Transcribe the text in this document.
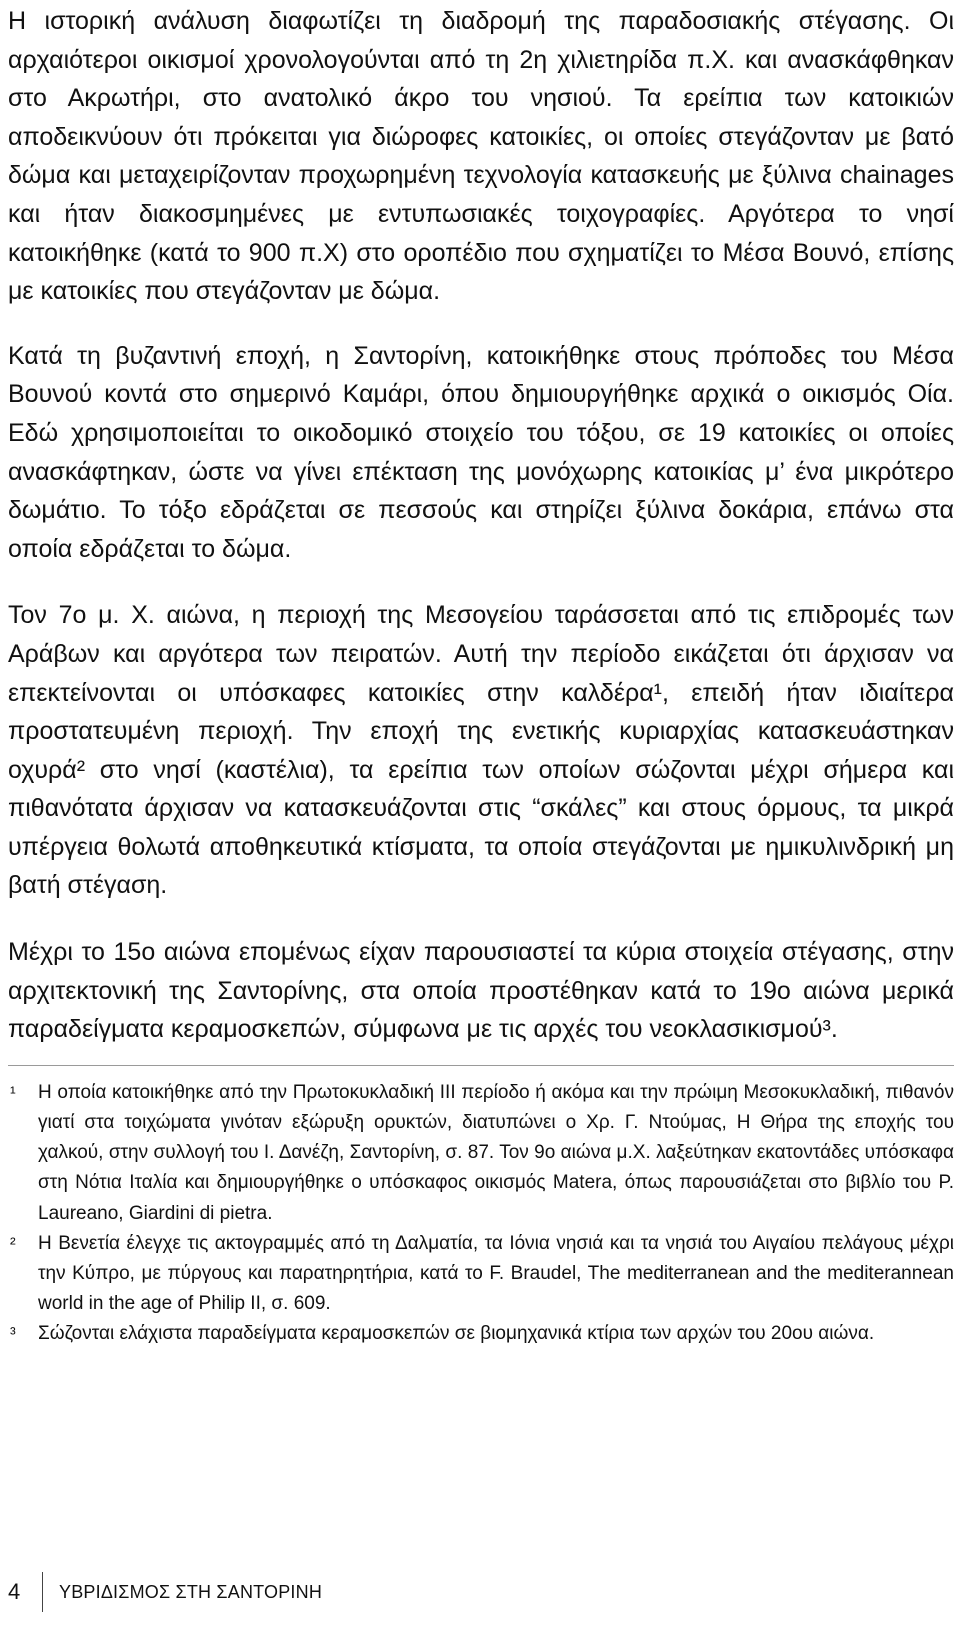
Η ιστορική ανάλυση διαφωτίζει τη διαδρομή της παραδοσιακής στέγασης. Οι αρχαιότεροι οικισμοί χρονολογούνται από τη 2η χιλιετηρίδα π.Χ. και ανασκάφθηκαν στο Ακρωτήρι, στο ανατολικό άκρο του νησιού. Τα ερείπια των κατοικιών αποδεικνύουν ότι πρόκειται για διώροφες κατοικίες, οι οποίες στεγάζονταν με βατό δώμα και μεταχειρίζονταν προχωρημένη τεχνολογία κατασκευής με ξύλινα chainages και ήταν διακοσμημένες με εντυπωσιακές τοιχογραφίες. Αργότερα το νησί κατοικήθηκε (κατά το 900 π.Χ) στο οροπέδιο που σχηματίζει το Μέσα Βουνό, επίσης με κατοικίες που στεγάζονταν με δώμα.

Κατά τη βυζαντινή εποχή, η Σαντορίνη, κατοικήθηκε στους πρόποδες του Μέσα Βουνού κοντά στο σημερινό Καμάρι, όπου δημιουργήθηκε αρχικά ο οικισμός Οία. Εδώ χρησιμοποιείται το οικοδομικό στοιχείο του τόξου, σε 19 κατοικίες οι οποίες ανασκάφτηκαν, ώστε να γίνει επέκταση της μονόχωρης κατοικίας μ’ ένα μικρότερο δωμάτιο. Το τόξο εδράζεται σε πεσσούς και στηρίζει ξύλινα δοκάρια, επάνω στα οποία εδράζεται το δώμα.

Τον 7ο μ. Χ. αιώνα, η περιοχή της Μεσογείου ταράσσεται από τις επιδρομές των Αράβων και αργότερα των πειρατών. Αυτή την περίοδο εικάζεται ότι άρχισαν να επεκτείνονται οι υπόσκαφες κατοικίες στην καλδέρα¹, επειδή ήταν ιδιαίτερα προστατευμένη περιοχή. Την εποχή της ενετικής κυριαρχίας κατασκευάστηκαν οχυρά² στο νησί (καστέλια), τα ερείπια των οποίων σώζονται μέχρι σήμερα και πιθανότατα άρχισαν να κατασκευάζονται στις “σκάλες” και στους όρμους, τα μικρά υπέργεια θολωτά αποθηκευτικά κτίσματα, τα οποία στεγάζονται με ημικυλινδρική μη βατή στέγαση.

Μέχρι το 15ο αιώνα επομένως είχαν παρουσιαστεί τα κύρια στοιχεία στέγασης, στην αρχιτεκτονική της Σαντορίνης, στα οποία προστέθηκαν κατά το 19ο αιώνα μερικά παραδείγματα κεραμοσκεπών, σύμφωνα με τις αρχές του νεοκλασικισμού³.

¹ Η οποία κατοικήθηκε από την Πρωτοκυκλαδική ΙΙΙ περίοδο ή ακόμα και την πρώιμη Μεσοκυκλαδική, πιθανόν γιατί στα τοιχώματα γινόταν εξώρυξη ορυκτών, διατυπώνει ο Χρ. Γ. Ντούμας, Η Θήρα της εποχής του χαλκού, στην συλλογή του Ι. Δανέζη, Σαντορίνη, σ. 87. Τον 9ο αιώνα μ.Χ. λαξεύτηκαν εκατοντάδες υπόσκαφα στη Νότια Ιταλία και δημιουργήθηκε ο υπόσκαφος οικισμός Matera, όπως παρουσιάζεται στο βιβλίο του P. Laureano, Giardini di pietra.

² Η Βενετία έλεγχε τις ακτογραμμές από τη Δαλματία, τα Ιόνια νησιά και τα νησιά του Αιγαίου πελάγους μέχρι την Κύπρο, με πύργους και παρατηρητήρια, κατά το F. Braudel, The mediterranean and the mediterannean world in the age of Philip II, σ. 609.

³ Σώζονται ελάχιστα παραδείγματα κεραμοσκεπών σε βιομηχανικά κτίρια των αρχών του 20ου αιώνα.

4	ΥΒΡΙΔΙΣΜΟΣ ΣΤΗ ΣΑΝΤΟΡΙΝΗ
